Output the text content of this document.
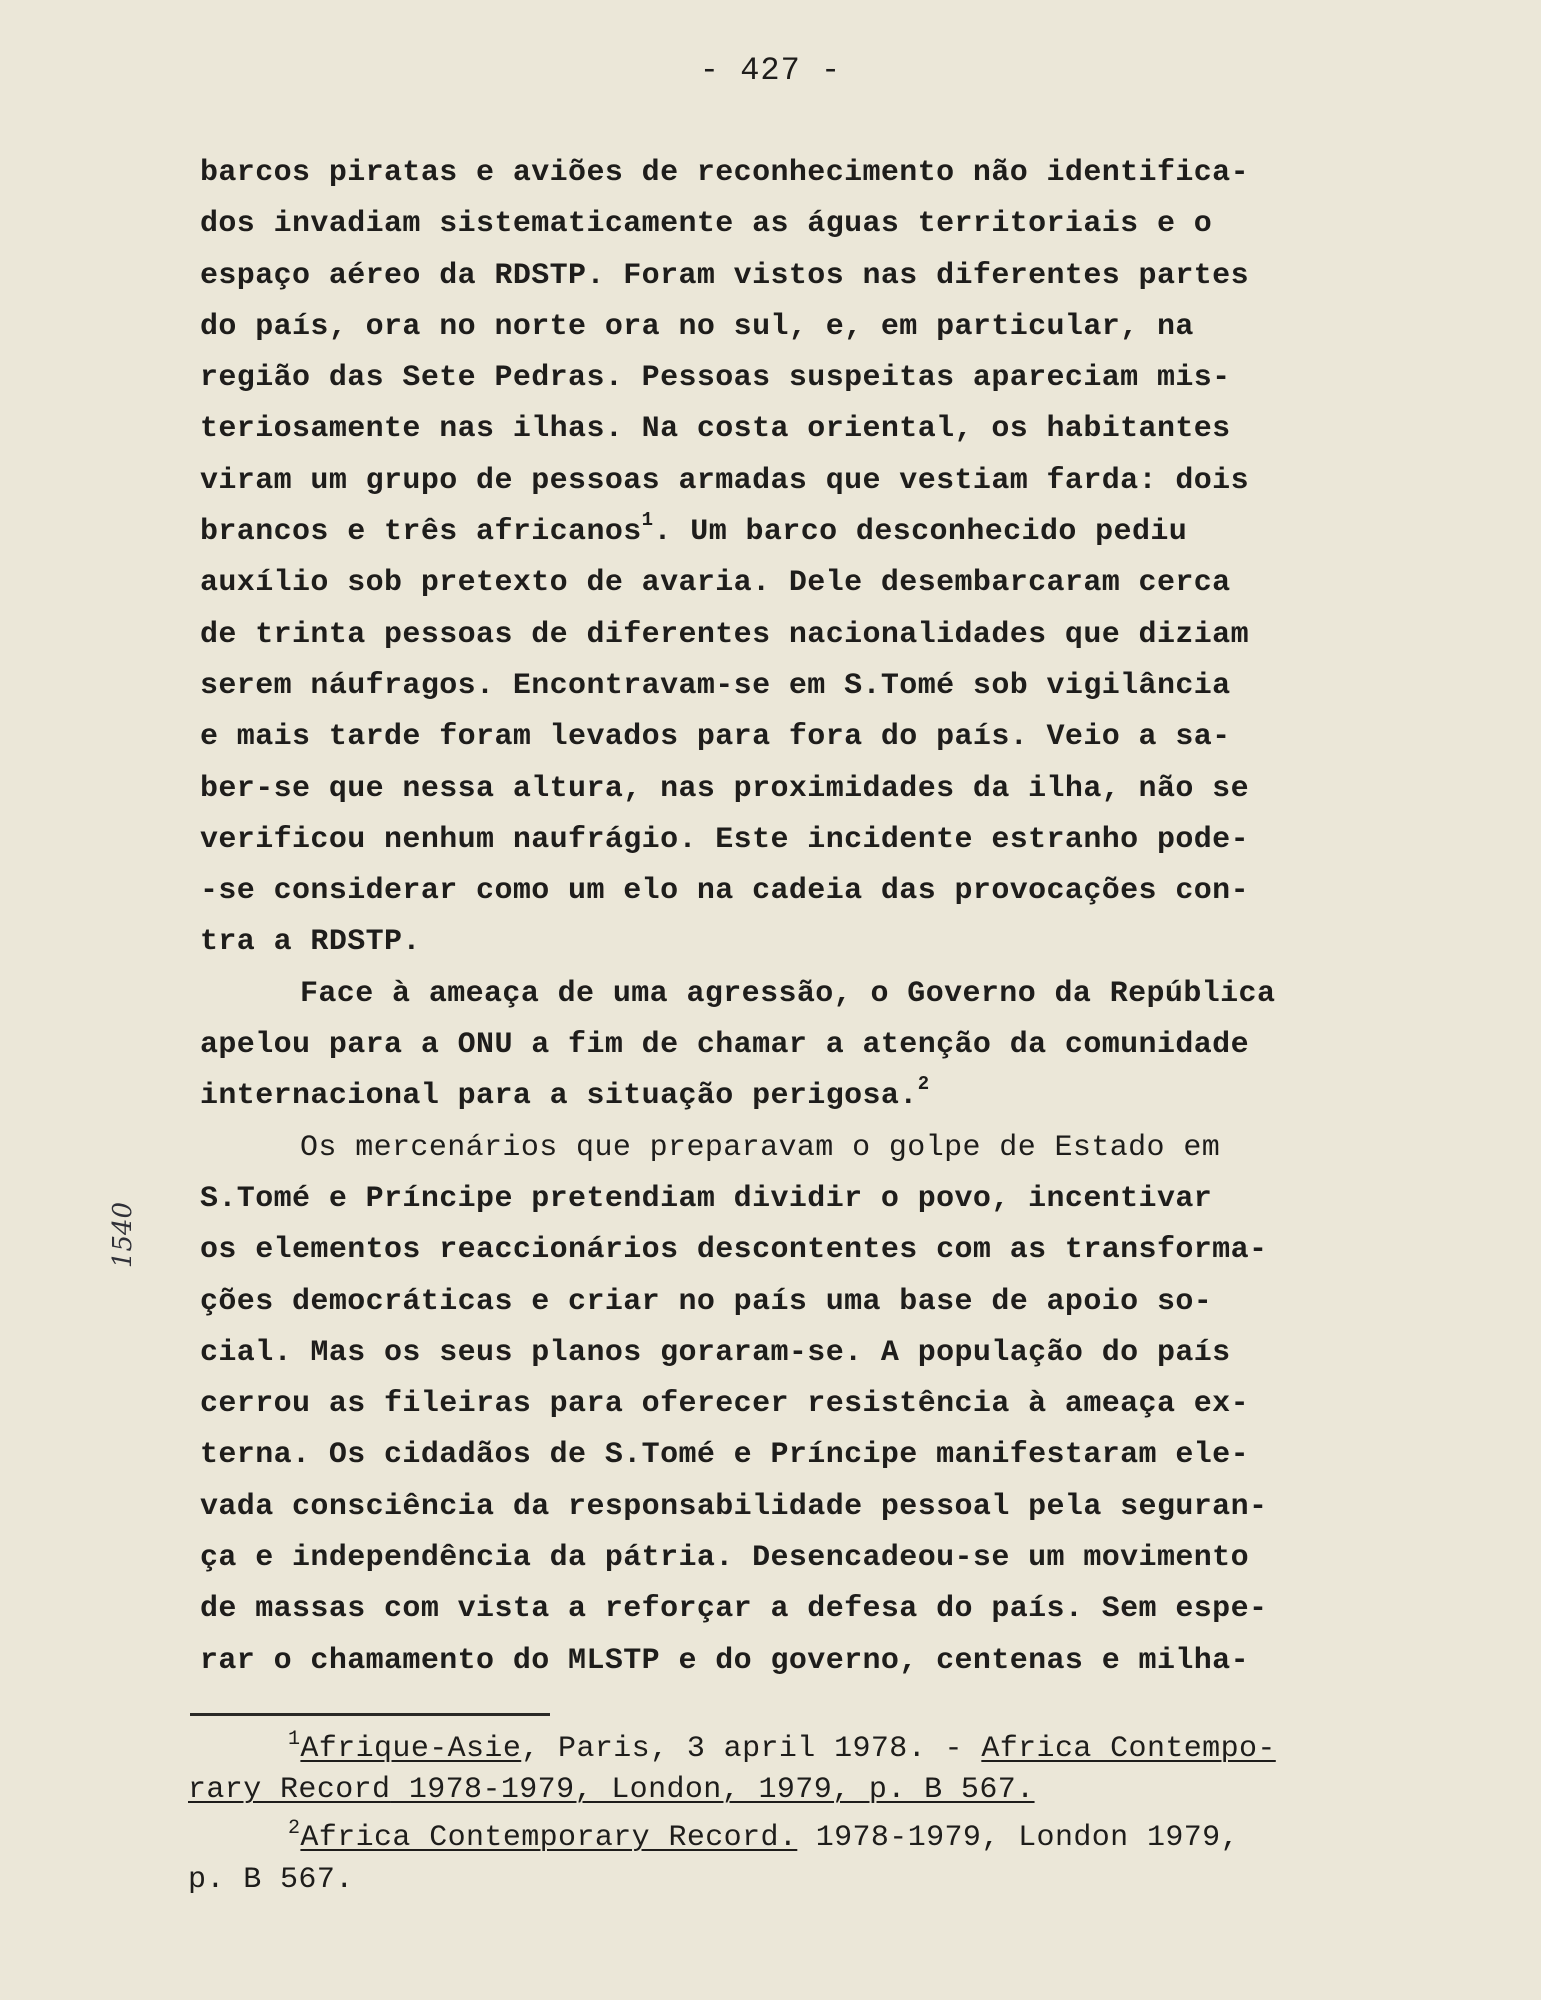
- 427 -
barcos piratas e aviões de reconhecimento não identifica-
dos invadiam sistematicamente as águas territoriais e o
espaço aéreo da RDSTP. Foram vistos nas diferentes partes
do país, ora no norte ora no sul, e, em particular, na
região das Sete Pedras. Pessoas suspeitas apareciam mis-
teriosamente nas ilhas. Na costa oriental, os habitantes
viram um grupo de pessoas armadas que vestiam farda: dois
brancos e três africanos$^1$. Um barco desconhecido pediu
auxílio sob pretexto de avaria. Dele desembarcaram cerca
de trinta pessoas de diferentes nacionalidades que diziam
serem náufragos. Encontravam-se em S.Tomé sob vigilância
e mais tarde foram levados para fora do país. Veio a sa-
ber-se que nessa altura, nas proximidades da ilha, não se
verificou nenhum naufrágio. Este incidente estranho pode-
-se considerar como um elo na cadeia das provocações con-
tra a RDSTP.
Face à ameaça de uma agressão, o Governo da República
apelou para a ONU a fim de chamar a atenção da comunidade
internacional para a situação perigosa.$^2$
Os mercenários que preparavam o golpe de Estado em
S.Tomé e Príncipe pretendiam dividir o povo, incentivar
os elementos reaccionários descontentes com as transforma-
ções democráticas e criar no país uma base de apoio so-
cial. Mas os seus planos goraram-se. A população do país
cerrou as fileiras para oferecer resistência à ameaça ex-
terna. Os cidadãos de S.Tomé e Príncipe manifestaram ele-
vada consciência da responsabilidade pessoal pela seguran-
ça e independência da pátria. Desencadeou-se um movimento
de massas com vista a reforçar a defesa do país. Sem espe-
rar o chamamento do MLSTP e do governo, centenas e milha-
1540
$^1$Afrique-Asie, Paris, 3 april 1978. - Africa Contempo-
rary Record 1978-1979, London, 1979, p. B 567.
$^2$Africa Contemporary Record. 1978-1979, London 1979,
p. B 567.
